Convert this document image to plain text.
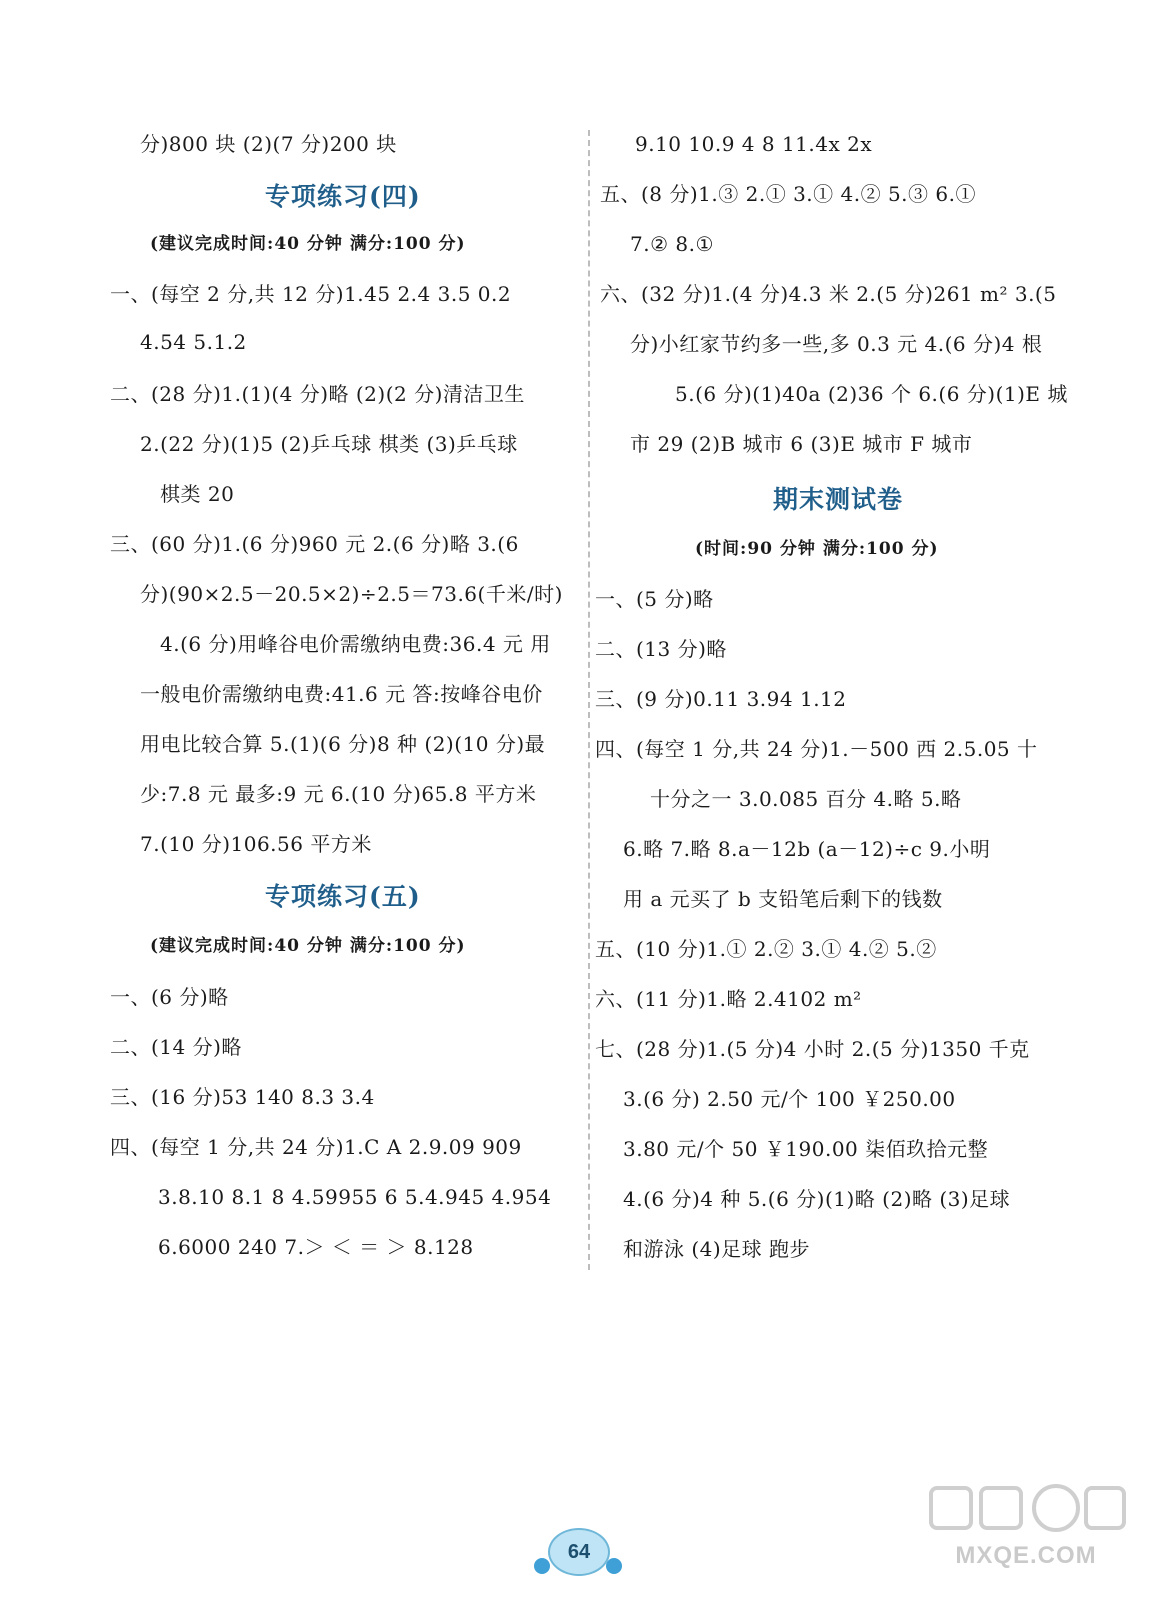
分)800 块 (2)(7 分)200 块
专项练习(四)
(建议完成时间:40 分钟 满分:100 分)
一、(每空 2 分,共 12 分)1.45 2.4 3.5 0.2
4.54 5.1.2
二、(28 分)1.(1)(4 分)略 (2)(2 分)清洁卫生
2.(22 分)(1)5 (2)乒乓球 棋类 (3)乒乓球
棋类 20
三、(60 分)1.(6 分)960 元 2.(6 分)略 3.(6
分)(90×2.5－20.5×2)÷2.5＝73.6(千米/时)
4.(6 分)用峰谷电价需缴纳电费:36.4 元 用
一般电价需缴纳电费:41.6 元 答:按峰谷电价
用电比较合算 5.(1)(6 分)8 种 (2)(10 分)最
少:7.8 元 最多:9 元 6.(10 分)65.8 平方米
7.(10 分)106.56 平方米
专项练习(五)
(建议完成时间:40 分钟 满分:100 分)
一、(6 分)略
二、(14 分)略
三、(16 分)53 140 8.3 3.4
四、(每空 1 分,共 24 分)1.C A 2.9.09 909
3.8.10 8.1 8 4.59955 6 5.4.945 4.954
6.6000 240 7.＞ ＜ ＝ ＞ 8.128
9.10 10.9 4 8 11.4x 2x
五、(8 分)1.③ 2.① 3.① 4.② 5.③ 6.①
7.② 8.①
六、(32 分)1.(4 分)4.3 米 2.(5 分)261 m² 3.(5
分)小红家节约多一些,多 0.3 元 4.(6 分)4 根
5.(6 分)(1)40a (2)36 个 6.(6 分)(1)E 城
市 29 (2)B 城市 6 (3)E 城市 F 城市
期末测试卷
(时间:90 分钟 满分:100 分)
一、(5 分)略
二、(13 分)略
三、(9 分)0.11 3.94 1.12
四、(每空 1 分,共 24 分)1.－500 西 2.5.05 十
十分之一 3.0.085 百分 4.略 5.略
6.略 7.略 8.a－12b (a－12)÷c 9.小明
用 a 元买了 b 支铅笔后剩下的钱数
五、(10 分)1.① 2.② 3.① 4.② 5.②
六、(11 分)1.略 2.4102 m²
七、(28 分)1.(5 分)4 小时 2.(5 分)1350 千克
3.(6 分) 2.50 元/个 100 ￥250.00
3.80 元/个 50 ￥190.00 柒佰玖拾元整
4.(6 分)4 种 5.(6 分)(1)略 (2)略 (3)足球
和游泳 (4)足球 跑步
64	MXQE.COM
